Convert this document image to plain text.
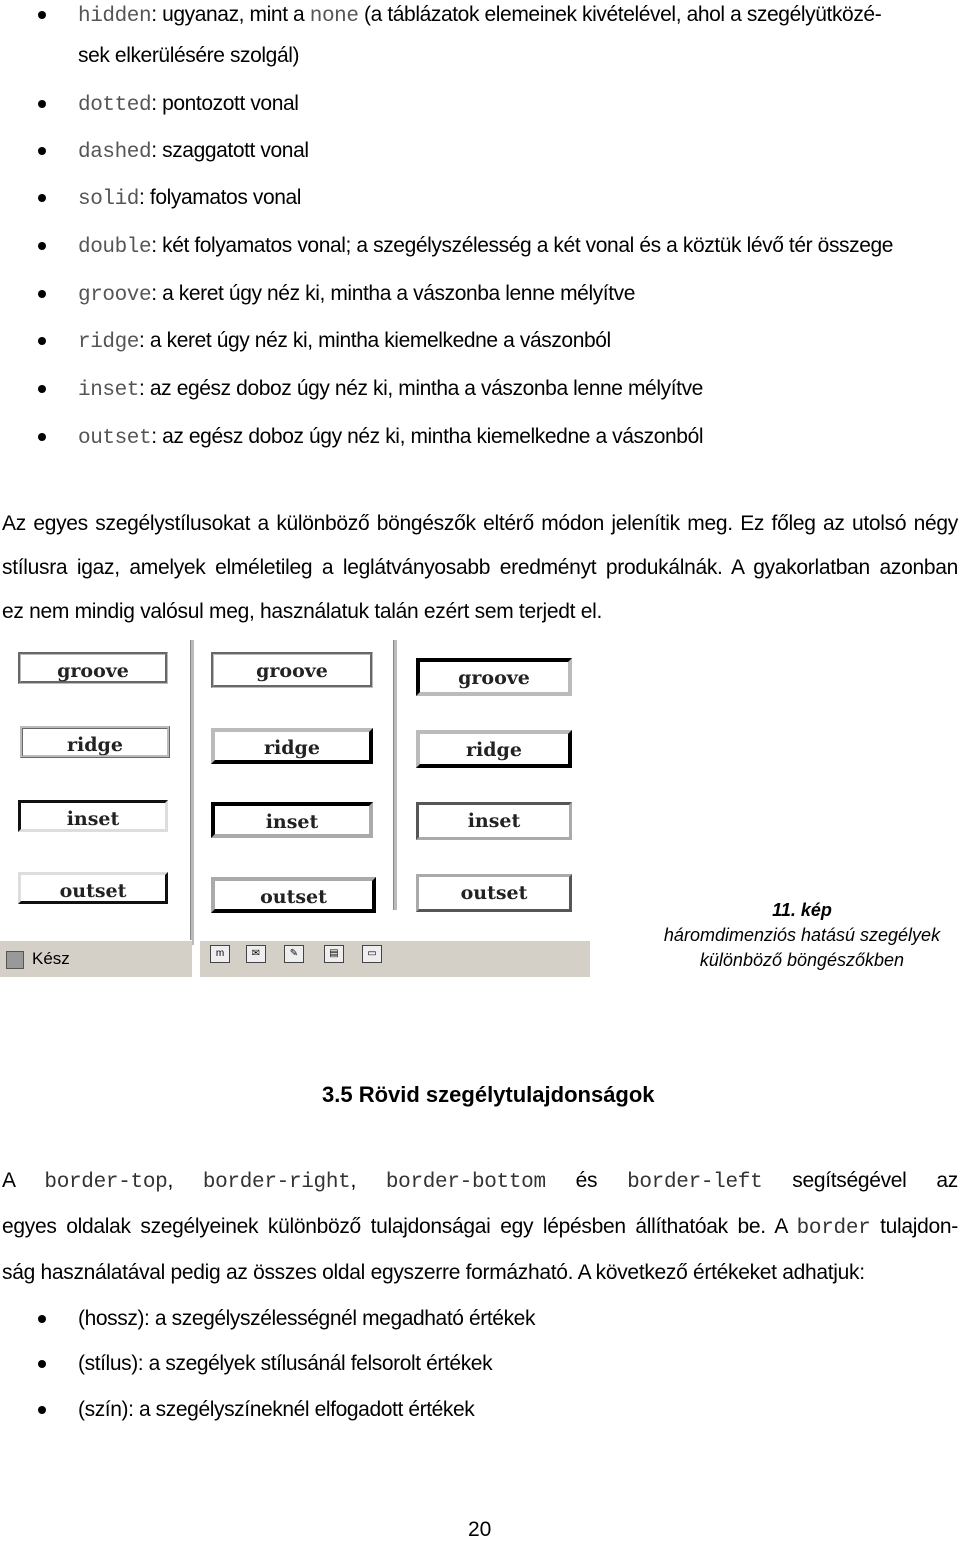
hidden: ugyanaz, mint a none (a táblázatok elemeinek kivételével, ahol a szegélyütközé-
sek elkerülésére szolgál)
dotted: pontozott vonal
dashed: szaggatott vonal
solid: folyamatos vonal
double: két folyamatos vonal; a szegélyszélesség a két vonal és a köztük lévő tér összege
groove: a keret úgy néz ki, mintha a vászonba lenne mélyítve
ridge: a keret úgy néz ki, mintha kiemelkedne a vászonból
inset: az egész doboz úgy néz ki, mintha a vászonba lenne mélyítve
outset: az egész doboz úgy néz ki, mintha kiemelkedne a vászonból
Az egyes szegélystílusokat a különböző böngészők eltérő módon jelenítik meg. Ez főleg az utolsó négy
stílusra igaz, amelyek elméletileg a leglátványosabb eredményt produkálnák. A gyakorlatban azonban
ez nem mindig valósul meg, használatuk talán ezért sem terjedt el.
groove
ridge
inset
outset
groove
ridge
inset
outset
groove
ridge
inset
outset
Kész	m	✉	✎	▤	▭
11. kép
háromdimenziós hatású szegélyek
különböző böngészőkben
3.5 Rövid szegélytulajdonságok
A border-top, border-right, border-bottom és border-left segítségével az
egyes oldalak szegélyeinek különböző tulajdonságai egy lépésben állíthatóak be. A border tulajdon-
ság használatával pedig az összes oldal egyszerre formázható. A következő értékeket adhatjuk:
(hossz): a szegélyszélességnél megadható értékek
(stílus): a szegélyek stílusánál felsorolt értékek
(szín): a szegélyszíneknél elfogadott értékek
20
